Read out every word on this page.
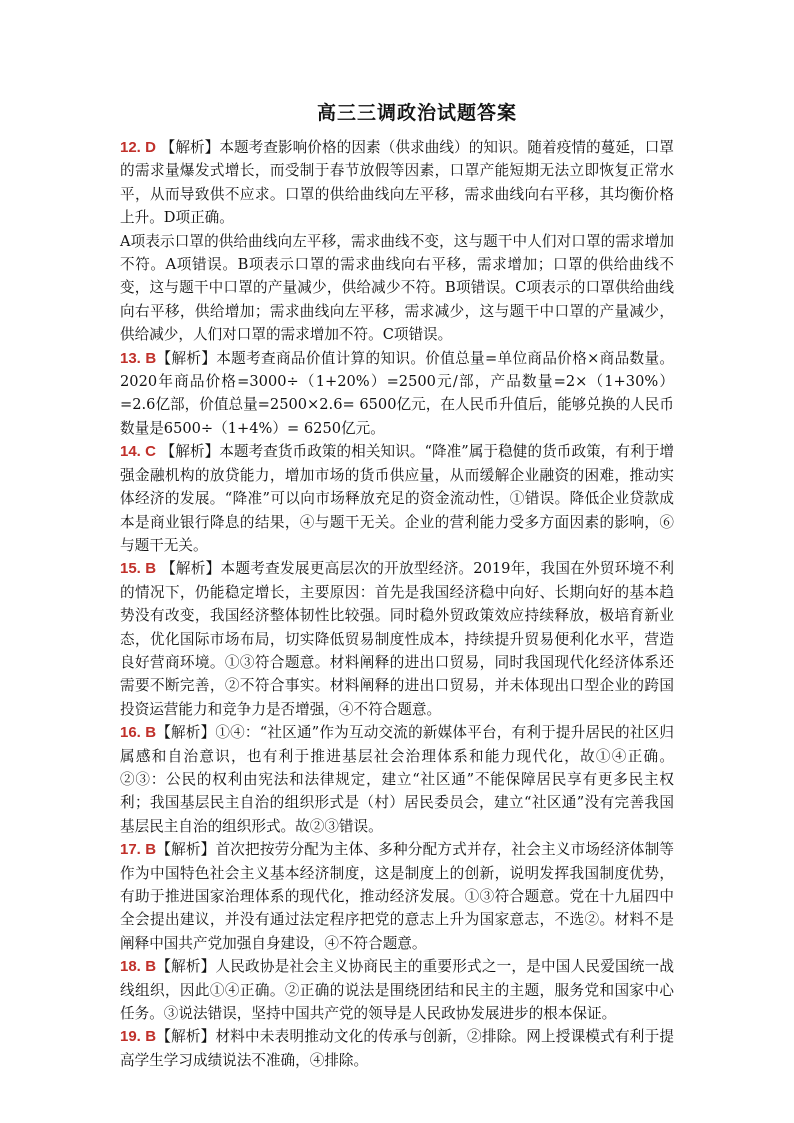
高三三调政治试题答案

12. D 【解析】本题考查影响价格的因素（供求曲线）的知识。随着疫情的蔓延，口罩的需求量爆发式增长，而受制于春节放假等因素，口罩产能短期无法立即恢复正常水平，从而导致供不应求。口罩的供给曲线向左平移，需求曲线向右平移，其均衡价格上升。D项正确。

A项表示口罩的供给曲线向左平移，需求曲线不变，这与题干中人们对口罩的需求增加不符。A项错误。B项表示口罩的需求曲线向右平移，需求增加；口罩的供给曲线不变，这与题干中口罩的产量减少，供给减少不符。B项错误。C项表示的口罩供给曲线向右平移，供给增加；需求曲线向左平移，需求减少，这与题干中口罩的产量减少，供给减少，人们对口罩的需求增加不符。C项错误。

13. B【解析】本题考查商品价值计算的知识。价值总量=单位商品价格×商品数量。2020年商品价格=3000÷（1+20%）=2500元/部，产品数量=2×（1+30%）=2.6亿部，价值总量=2500×2.6= 6500亿元，在人民币升值后，能够兑换的人民币数量是6500÷（1+4%）= 6250亿元。

14. C 【解析】本题考查货币政策的相关知识。“降准”属于稳健的货币政策，有利于增强金融机构的放贷能力，增加市场的货币供应量，从而缓解企业融资的困难，推动实体经济的发展。“降准”可以向市场释放充足的资金流动性，①错误。降低企业贷款成本是商业银行降息的结果，④与题干无关。企业的营利能力受多方面因素的影响，⑥与题干无关。

15. B 【解析】本题考查发展更高层次的开放型经济。2019年，我国在外贸环境不利的情况下，仍能稳定增长，主要原因：首先是我国经济稳中向好、长期向好的基本趋势没有改变，我国经济整体韧性比较强。同时稳外贸政策效应持续释放，极培育新业态，优化国际市场布局，切实降低贸易制度性成本，持续提升贸易便利化水平，营造良好营商环境。①③符合题意。材料阐释的进出口贸易，同时我国现代化经济体系还需要不断完善，②不符合事实。材料阐释的进出口贸易，并未体现出口型企业的跨国投资运营能力和竞争力是否增强，④不符合题意。

16. B【解析】①④：“社区通”作为互动交流的新媒体平台，有利于提升居民的社区归属感和自治意识，也有利于推进基层社会治理体系和能力现代化，故①④正确。②③：公民的权利由宪法和法律规定，建立“社区通”不能保障居民享有更多民主权利；我国基层民主自治的组织形式是（村）居民委员会，建立“社区通”没有完善我国基层民主自治的组织形式。故②③错误。

17. B【解析】首次把按劳分配为主体、多种分配方式并存，社会主义市场经济体制等作为中国特色社会主义基本经济制度，这是制度上的创新，说明发挥我国制度优势，有助于推进国家治理体系的现代化，推动经济发展。①③符合题意。党在十九届四中全会提出建议，并没有通过法定程序把党的意志上升为国家意志，不选②。材料不是阐释中国共产党加强自身建设，④不符合题意。

18. B【解析】人民政协是社会主义协商民主的重要形式之一，是中国人民爱国统一战线组织，因此①④正确。②正确的说法是围绕团结和民主的主题，服务党和国家中心任务。③说法错误，坚持中国共产党的领导是人民政协发展进步的根本保证。

19. B【解析】材料中未表明推动文化的传承与创新，②排除。网上授课模式有利于提高学生学习成绩说法不准确，④排除。
